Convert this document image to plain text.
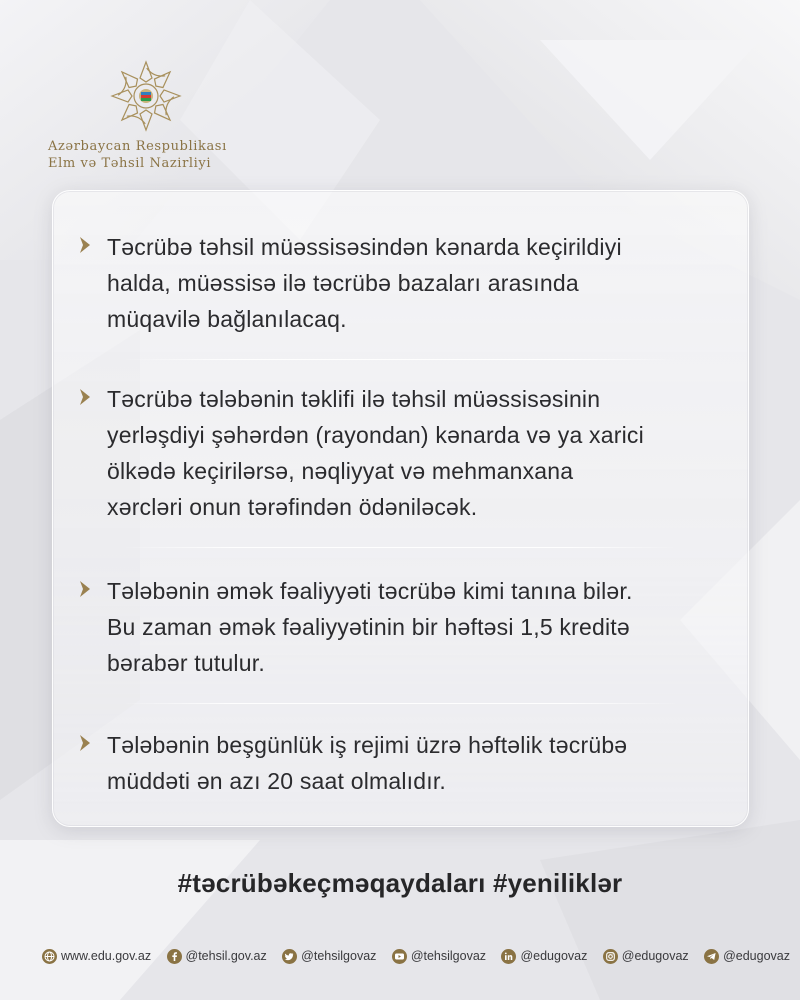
Azərbaycan Respublikası
Elm və Təhsil Nazirliyi
Təcrübə təhsil müəssisəsindən kənarda keçirildiyi
halda, müəssisə ilə təcrübə bazaları arasında
müqavilə bağlanılacaq.
Təcrübə tələbənin təklifi ilə təhsil müəssisəsinin
yerləşdiyi şəhərdən (rayondan) kənarda və ya xarici
ölkədə keçirilərsə, nəqliyyat və mehmanxana
xərcləri onun tərəfindən ödəniləcək.
Tələbənin əmək fəaliyyəti təcrübə kimi tanına bilər.
Bu zaman əmək fəaliyyətinin bir həftəsi 1,5 kreditə
bərabər tutulur.
Tələbənin beşgünlük iş rejimi üzrə həftəlik təcrübə
müddəti ən azı 20 saat olmalıdır.
#təcrübəkeçməqaydaları #yeniliklər
www.edu.gov.az	@tehsil.gov.az	@tehsilgovaz	@tehsilgovaz	@edugovaz	@edugovaz	@edugovaz
